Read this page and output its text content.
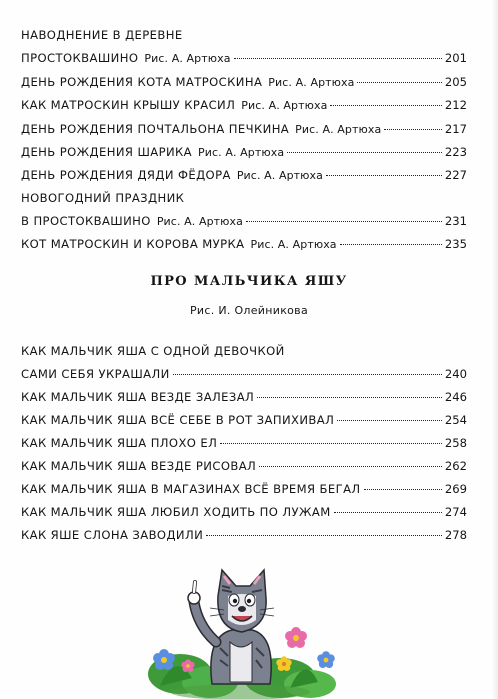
НАВОДНЕНИЕ В ДЕРЕВНЕ
ПРОСТОКВАШИНО Рис. А. Артюха	201
ДЕНЬ РОЖДЕНИЯ КОТА МАТРОСКИНА Рис. А. Артюха	205
КАК МАТРОСКИН КРЫШУ КРАСИЛ Рис. А. Артюха	212
ДЕНЬ РОЖДЕНИЯ ПОЧТАЛЬОНА ПЕЧКИНА Рис. А. Артюха	217
ДЕНЬ РОЖДЕНИЯ ШАРИКА Рис. А. Артюха	223
ДЕНЬ РОЖДЕНИЯ ДЯДИ ФЁДОРА Рис. А. Артюха	227
НОВОГОДНИЙ ПРАЗДНИК
В ПРОСТОКВАШИНО Рис. А. Артюха	231
КОТ МАТРОСКИН И КОРОВА МУРКА Рис. А. Артюха	235
ПРО МАЛЬЧИКА ЯШУ
Рис. И. Олейникова
КАК МАЛЬЧИК ЯША С ОДНОЙ ДЕВОЧКОЙ
САМИ СЕБЯ УКРАШАЛИ	240
КАК МАЛЬЧИК ЯША ВЕЗДЕ ЗАЛЕЗАЛ	246
КАК МАЛЬЧИК ЯША ВСЁ СЕБЕ В РОТ ЗАПИХИВАЛ	254
КАК МАЛЬЧИК ЯША ПЛОХО ЕЛ	258
КАК МАЛЬЧИК ЯША ВЕЗДЕ РИСОВАЛ	262
КАК МАЛЬЧИК ЯША В МАГАЗИНАХ ВСЁ ВРЕМЯ БЕГАЛ	269
КАК МАЛЬЧИК ЯША ЛЮБИЛ ХОДИТЬ ПО ЛУЖАМ	274
КАК ЯШЕ СЛОНА ЗАВОДИЛИ	278
